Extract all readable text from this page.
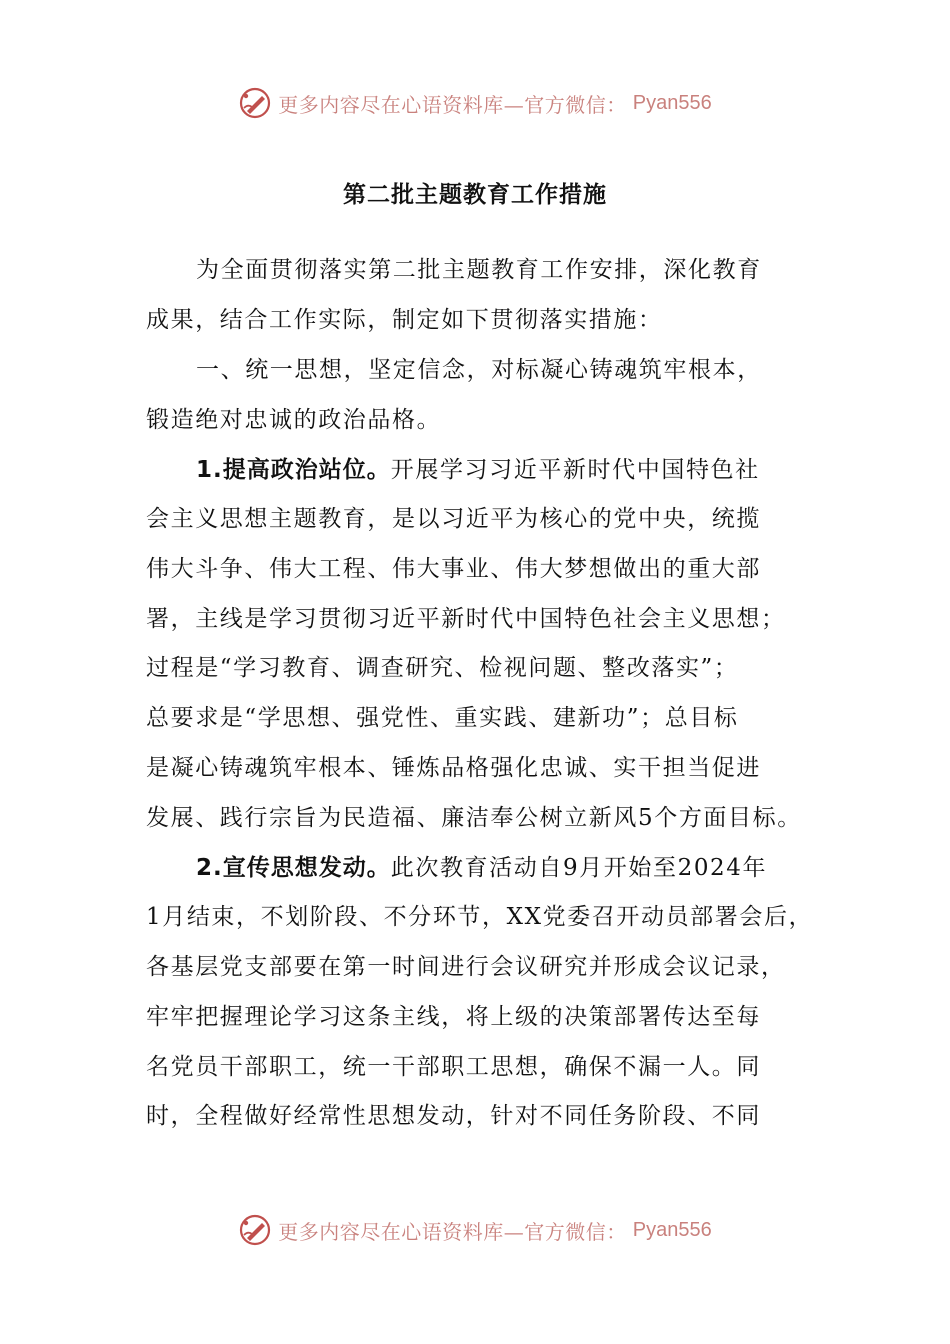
更多内容尽在心语资料库—官方微信： Pyan556
第二批主题教育工作措施
为全面贯彻落实第二批主题教育工作安排，深化教育
成果，结合工作实际，制定如下贯彻落实措施：
一、统一思想，坚定信念，对标凝心铸魂筑牢根本，
锻造绝对忠诚的政治品格。
1.提高政治站位。开展学习习近平新时代中国特色社
会主义思想主题教育，是以习近平为核心的党中央，统揽
伟大斗争、伟大工程、伟大事业、伟大梦想做出的重大部
署，主线是学习贯彻习近平新时代中国特色社会主义思想；
过程是“学习教育、调查研究、检视问题、整改落实”；
总要求是“学思想、强党性、重实践、建新功”；总目标
是凝心铸魂筑牢根本、锤炼品格强化忠诚、实干担当促进
发展、践行宗旨为民造福、廉洁奉公树立新风5个方面目标。
2.宣传思想发动。此次教育活动自9月开始至2024年
1月结束，不划阶段、不分环节，XX党委召开动员部署会后，
各基层党支部要在第一时间进行会议研究并形成会议记录，
牢牢把握理论学习这条主线，将上级的决策部署传达至每
名党员干部职工，统一干部职工思想，确保不漏一人。同
时，全程做好经常性思想发动，针对不同任务阶段、不同
更多内容尽在心语资料库—官方微信： Pyan556
